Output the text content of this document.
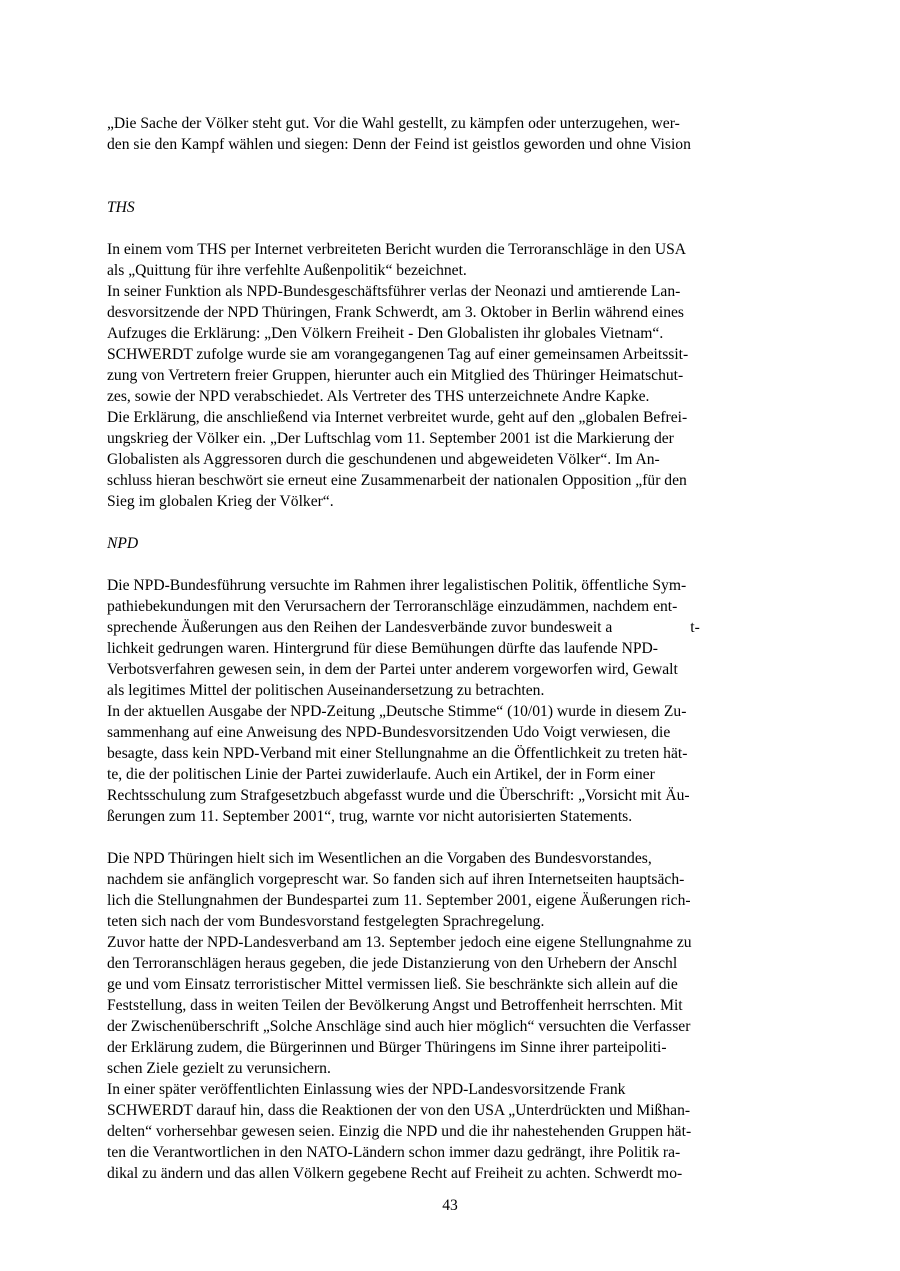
„Die Sache der Völker steht gut. Vor die Wahl gestellt, zu kämpfen oder unterzugehen, wer-
den sie den Kampf wählen und siegen: Denn der Feind ist geistlos geworden und ohne Vision
THS
In einem vom THS per Internet verbreiteten Bericht wurden die Terroranschläge in den USA
als „Quittung für ihre verfehlte Außenpolitik“ bezeichnet.
In seiner Funktion als NPD-Bundesgeschäftsführer verlas der Neonazi und amtierende Lan-
desvorsitzende der NPD Thüringen, Frank Schwerdt, am 3. Oktober in Berlin während eines
Aufzuges die Erklärung: „Den Völkern Freiheit - Den Globalisten ihr globales Vietnam“.
SCHWERDT zufolge wurde sie am vorangegangenen Tag auf einer gemeinsamen Arbeitssit-
zung von Vertretern freier Gruppen, hierunter auch ein Mitglied des Thüringer Heimatschut-
zes, sowie der NPD verabschiedet. Als Vertreter des THS unterzeichnete Andre Kapke.
Die Erklärung, die anschließend via Internet verbreitet wurde, geht auf den „globalen Befrei-
ungskrieg der Völker ein. „Der Luftschlag vom 11. September 2001 ist die Markierung der
Globalisten als Aggressoren durch die geschundenen und abgeweideten Völker“. Im An-
schluss hieran beschwört sie erneut eine Zusammenarbeit der nationalen Opposition „für den
Sieg im globalen Krieg der Völker“.
NPD
Die NPD-Bundesführung versuchte im Rahmen ihrer legalistischen Politik, öffentliche Sym-
pathiebekundungen mit den Verursachern der Terroranschläge einzudämmen, nachdem ent-
sprechende Äußerungen aus den Reihen der Landesverbände zuvor bundesweit a                    t-
lichkeit gedrungen waren. Hintergrund für diese Bemühungen dürfte das laufende NPD-
Verbotsverfahren gewesen sein, in dem der Partei unter anderem vorgeworfen wird, Gewalt
als legitimes Mittel der politischen Auseinandersetzung zu betrachten.
In der aktuellen Ausgabe der NPD-Zeitung „Deutsche Stimme“ (10/01) wurde in diesem Zu-
sammenhang auf eine Anweisung des NPD-Bundesvorsitzenden Udo Voigt verwiesen, die
besagte, dass kein NPD-Verband mit einer Stellungnahme an die Öffentlichkeit zu treten hät-
te, die der politischen Linie der Partei zuwiderlaufe. Auch ein Artikel, der in Form einer
Rechtsschulung zum Strafgesetzbuch abgefasst wurde und die Überschrift: „Vorsicht mit Äu-
ßerungen zum 11. September 2001“, trug, warnte vor nicht autorisierten Statements.
Die NPD Thüringen hielt sich im Wesentlichen an die Vorgaben des Bundesvorstandes,
nachdem sie anfänglich vorgeprescht war. So fanden sich auf ihren Internetseiten hauptsäch-
lich die Stellungnahmen der Bundespartei zum 11. September 2001, eigene Äußerungen rich-
teten sich nach der vom Bundesvorstand festgelegten Sprachregelung.
Zuvor hatte der NPD-Landesverband am 13. September jedoch eine eigene Stellungnahme zu
den Terroranschlägen heraus gegeben, die jede Distanzierung von den Urhebern der Anschl
ge und vom Einsatz terroristischer Mittel vermissen ließ. Sie beschränkte sich allein auf die
Feststellung, dass in weiten Teilen der Bevölkerung Angst und Betroffenheit herrschten. Mit
der Zwischenüberschrift „Solche Anschläge sind auch hier möglich“ versuchten die Verfasser
der Erklärung zudem, die Bürgerinnen und Bürger Thüringens im Sinne ihrer parteipoliti-
schen Ziele gezielt zu verunsichern.
In einer später veröffentlichten Einlassung wies der NPD-Landesvorsitzende Frank
SCHWERDT darauf hin, dass die Reaktionen der von den USA „Unterdrückten und Mißhan-
delten“ vorhersehbar gewesen seien. Einzig die NPD und die ihr nahestehenden Gruppen hät-
ten die Verantwortlichen in den NATO-Ländern schon immer dazu gedrängt, ihre Politik ra-
dikal zu ändern und das allen Völkern gegebene Recht auf Freiheit zu achten. Schwerdt mo-
43
